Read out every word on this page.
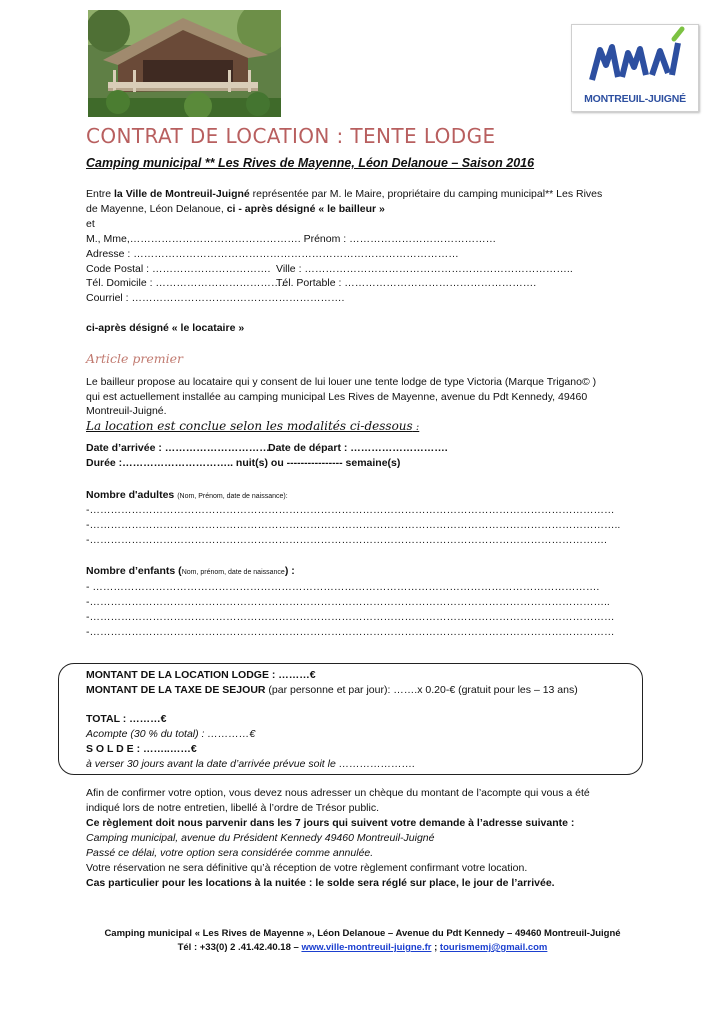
MONTREUIL-JUIGNÉ
CONTRAT DE LOCATION : TENTE LODGE
Camping municipal ** Les Rives de Mayenne, Léon Delanoue – Saison 2016
Entre la Ville de Montreuil-Juigné représentée par M. le Maire, propriétaire du camping municipal** Les Rives
de Mayenne, Léon Delanoue, ci - après désigné « le bailleur »
et
M., Mme,…………………………………………. Prénom : ……………………………………
Adresse : …………………………………………………………………………………
Code Postal : ……………………………. Ville : …………………………………………………………………..
Tél. Domicile : ………………………………..
Tél. Portable : ……………………………………………….
Courriel : …………………………………………………….
ci-après désigné « le locataire »
Article premier
Le bailleur propose au locataire qui y consent de lui louer une tente lodge de type Victoria (Marque Trigano© )
qui est actuellement installée au camping municipal Les Rives de Mayenne, avenue du Pdt Kennedy, 49460
Montreuil-Juigné.
La location est conclue selon les modalités ci-dessous :
Date d’arrivée : ………………………….
Date de départ : ……………………….
Durée :………………………….. nuit(s) ou ---------------- semaine(s)
Nombre d'adultes (Nom, Prénom, date de naissance):
-……………………………………………………………………………………………………………………………………
-……………………………………………………………………………………………………………………………………..
-………………………………………………………………………………………………………………………………….
Nombre d’enfants (Nom, prénom, date de naissance) :
- ……………………………………………………………………………………………………………………………….
-…………………………………………………………………………………………………………………………………..
-……………………………………………………………………………………………………………………………………
-……………………………………………………………………………………………………………………………………
MONTANT DE LA LOCATION LODGE : ………€
MONTANT DE LA TAXE DE SEJOUR (par personne et par jour): …….x 0.20-€ (gratuit pour les – 13 ans)
TOTAL : ………€
Acompte (30 % du total) : …………€
S O L D E : ……..……€
à verser 30 jours avant la date d’arrivée prévue soit le ………………….
Afin de confirmer votre option, vous devez nous adresser un chèque du montant de l’acompte qui vous a été
indiqué lors de notre entretien, libellé à l’ordre de Trésor public.
Ce règlement doit nous parvenir dans les 7 jours qui suivent votre demande à l’adresse suivante :
Camping municipal, avenue du Président Kennedy 49460 Montreuil-Juigné
Passé ce délai, votre option sera considérée comme annulée.
Votre réservation ne sera définitive qu’à réception de votre règlement confirmant votre location.
Cas particulier pour les locations à la nuitée : le solde sera réglé sur place, le jour de l’arrivée.
Camping municipal « Les Rives de Mayenne », Léon Delanoue – Avenue du Pdt Kennedy – 49460 Montreuil-Juigné
Tél : +33(0) 2 .41.42.40.18 – www.ville-montreuil-juigne.fr ; tourismemj@gmail.com
